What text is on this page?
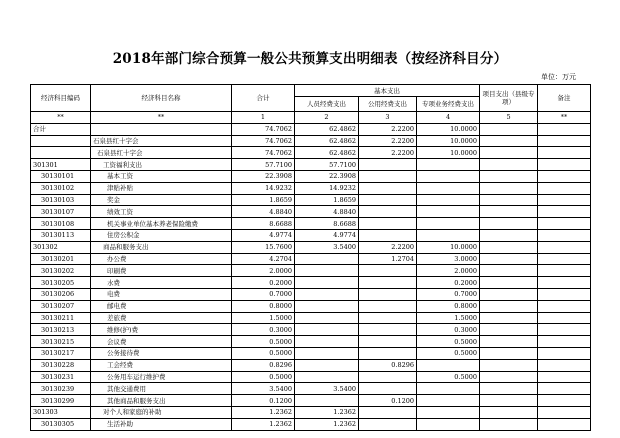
2018年部门综合预算一般公共预算支出明细表（按经济科目分）
单位：万元
经济科目编码	经济科目名称	合计	基本支出			项目支出（县级专项）	备注
			人员经费支出	公用经费支出	专项业务经费支出		

**	**	1	2	3	4	5	**
合计		74.7062	62.4862	2.2200	10.0000		
	石泉县红十字会	74.7062	62.4862	2.2200	10.0000		
	石泉县红十字会	74.7062	62.4862	2.2200	10.0000		
301301	工资福利支出	57.7100	57.7100				
30130101	基本工资	22.3908	22.3908				
30130102	津贴补贴	14.9232	14.9232				
30130103	奖金	1.8659	1.8659				
30130107	绩效工资	4.8840	4.8840				
30130108	机关事业单位基本养老保险缴费	8.6688	8.6688				
30130113	住房公积金	4.9774	4.9774				
301302	商品和服务支出	15.7600	3.5400	2.2200	10.0000		
30130201	办公费	4.2704		1.2704	3.0000		
30130202	印刷费	2.0000			2.0000		
30130205	水费	0.2000			0.2000		
30130206	电费	0.7000			0.7000		
30130207	邮电费	0.8000			0.8000		
30130211	差旅费	1.5000			1.5000		
30130213	维修(护)费	0.3000			0.3000		
30130215	会议费	0.5000			0.5000		
30130217	公务接待费	0.5000			0.5000		
30130228	工会经费	0.8296		0.8296			
30130231	公务用车运行维护费	0.5000			0.5000		
30130239	其他交通费用	3.5400	3.5400				
30130299	其他商品和服务支出	0.1200		0.1200			
301303	对个人和家庭的补助	1.2362	1.2362				
30130305	生活补助	1.2362	1.2362				
